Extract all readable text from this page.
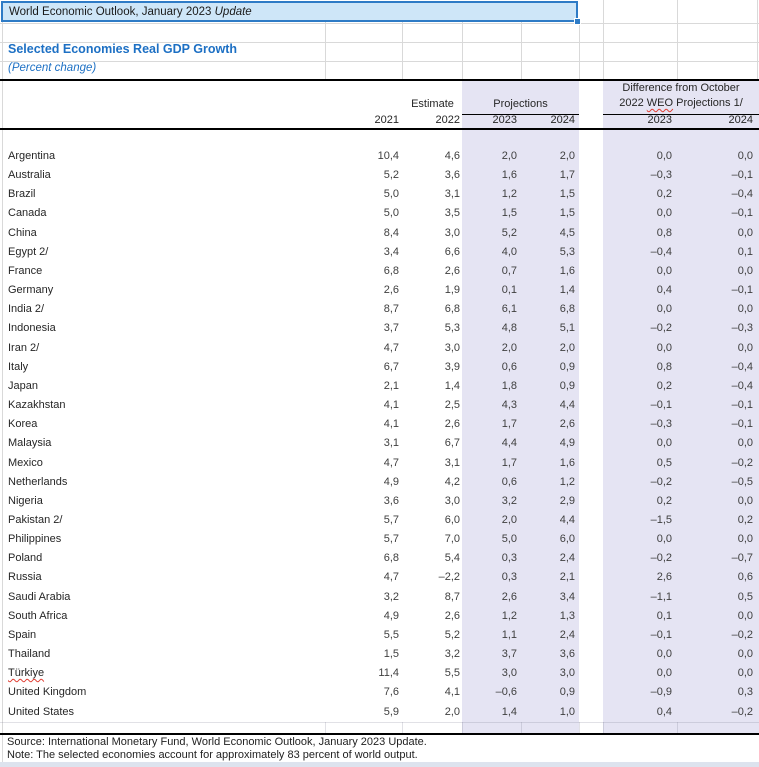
World Economic Outlook, January 2023 Update
Selected Economies Real GDP Growth
(Percent change)
Estimate	Projections
Difference from October
2022 WEO Projections 1/
2021	2022	2023	2024	2023	2024
Argentina	10,4	4,6	2,0	2,0	0,0	0,0
Australia	5,2	3,6	1,6	1,7	–0,3	–0,1
Brazil	5,0	3,1	1,2	1,5	0,2	–0,4
Canada	5,0	3,5	1,5	1,5	0,0	–0,1
China	8,4	3,0	5,2	4,5	0,8	0,0
Egypt 2/	3,4	6,6	4,0	5,3	–0,4	0,1
France	6,8	2,6	0,7	1,6	0,0	0,0
Germany	2,6	1,9	0,1	1,4	0,4	–0,1
India 2/	8,7	6,8	6,1	6,8	0,0	0,0
Indonesia	3,7	5,3	4,8	5,1	–0,2	–0,3
Iran 2/	4,7	3,0	2,0	2,0	0,0	0,0
Italy	6,7	3,9	0,6	0,9	0,8	–0,4
Japan	2,1	1,4	1,8	0,9	0,2	–0,4
Kazakhstan	4,1	2,5	4,3	4,4	–0,1	–0,1
Korea	4,1	2,6	1,7	2,6	–0,3	–0,1
Malaysia	3,1	6,7	4,4	4,9	0,0	0,0
Mexico	4,7	3,1	1,7	1,6	0,5	–0,2
Netherlands	4,9	4,2	0,6	1,2	–0,2	–0,5
Nigeria	3,6	3,0	3,2	2,9	0,2	0,0
Pakistan 2/	5,7	6,0	2,0	4,4	–1,5	0,2
Philippines	5,7	7,0	5,0	6,0	0,0	0,0
Poland	6,8	5,4	0,3	2,4	–0,2	–0,7
Russia	4,7	–2,2	0,3	2,1	2,6	0,6
Saudi Arabia	3,2	8,7	2,6	3,4	–1,1	0,5
South Africa	4,9	2,6	1,2	1,3	0,1	0,0
Spain	5,5	5,2	1,1	2,4	–0,1	–0,2
Thailand	1,5	3,2	3,7	3,6	0,0	0,0
Türkiye	11,4	5,5	3,0	3,0	0,0	0,0
United Kingdom	7,6	4,1	–0,6	0,9	–0,9	0,3
United States	5,9	2,0	1,4	1,0	0,4	–0,2
Source: International Monetary Fund, World Economic Outlook, January 2023 Update.
Note: The selected economies account for approximately 83 percent of world output.
